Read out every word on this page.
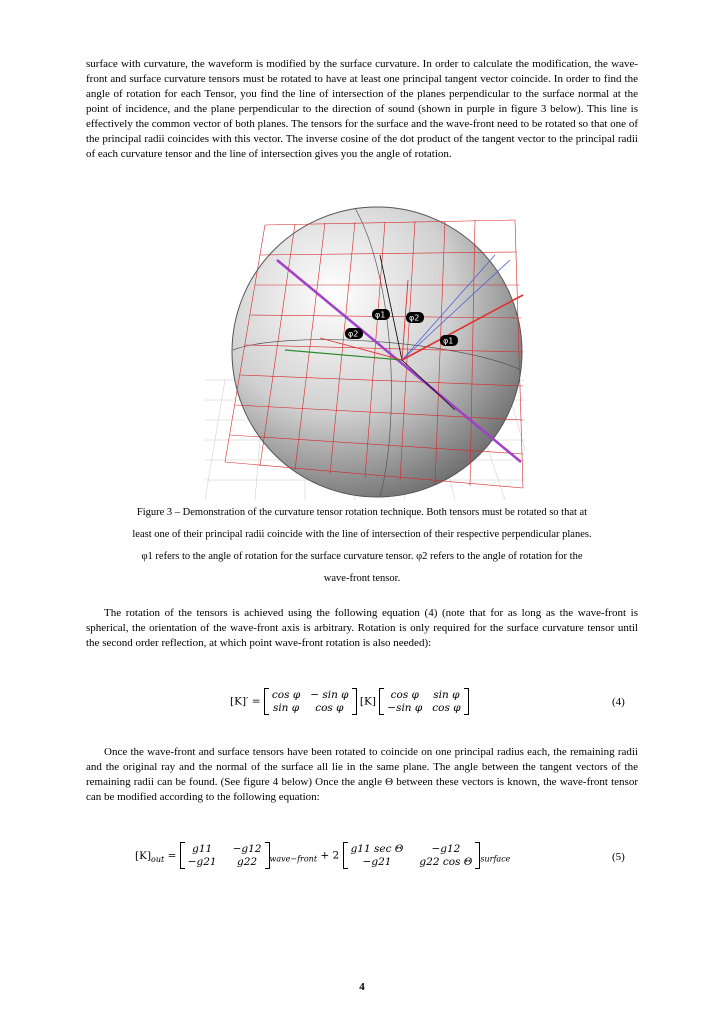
surface with curvature, the waveform is modified by the surface curvature. In order to calculate the modification, the wave-front and surface curvature tensors must be rotated to have at least one principal tangent vector coincide. In order to find the angle of rotation for each Tensor, you find the line of intersection of the planes perpendicular to the surface normal at the point of incidence, and the plane perpendicular to the direction of sound (shown in purple in figure 3 below). This line is effectively the common vector of both planes. The tensors for the surface and the wave-front need to be rotated so that one of the principal radii coincides with this vector. The inverse cosine of the dot product of the tangent vector to the principal radii of each curvature tensor and the line of intersection gives you the angle of rotation.

φ1
φ2
φ2
φ1

Figure 3 – Demonstration of the curvature tensor rotation technique. Both tensors must be rotated so that at

least one of their principal radii coincide with the line of intersection of their respective perpendicular planes.

φ1 refers to the angle of rotation for the surface curvature tensor. φ2 refers to the angle of rotation for the

wave-front tensor.

The rotation of the tensors is achieved using the following equation (4) (note that for as long as the wave-front is spherical, the orientation of the wave-front axis is arbitrary. Rotation is only required for the surface curvature tensor until the second order reflection, at which point wave-front rotation is also needed):

[K]′ =
cos φ − sin φ
sin φ	cos φ
[K]
cos φ	sin φ
−sin φ cos φ	(4)

Once the wave-front and surface tensors have been rotated to coincide on one principal radius each, the remaining radii and the original ray and the normal of the surface all lie in the same plane. The angle between the tangent vectors of the remaining radii can be found. (See figure 4 below) Once the angle Θ between these vectors is known, the wave-front tensor can be modified according to the following equation:

$[K]_{out}$ =
g11	−g12
−g21	g22	$_{wave-front}$ + 2
g11 sec Θ	−g12
−g21	g22 cos Θ $_{surface}$	(5)
4
